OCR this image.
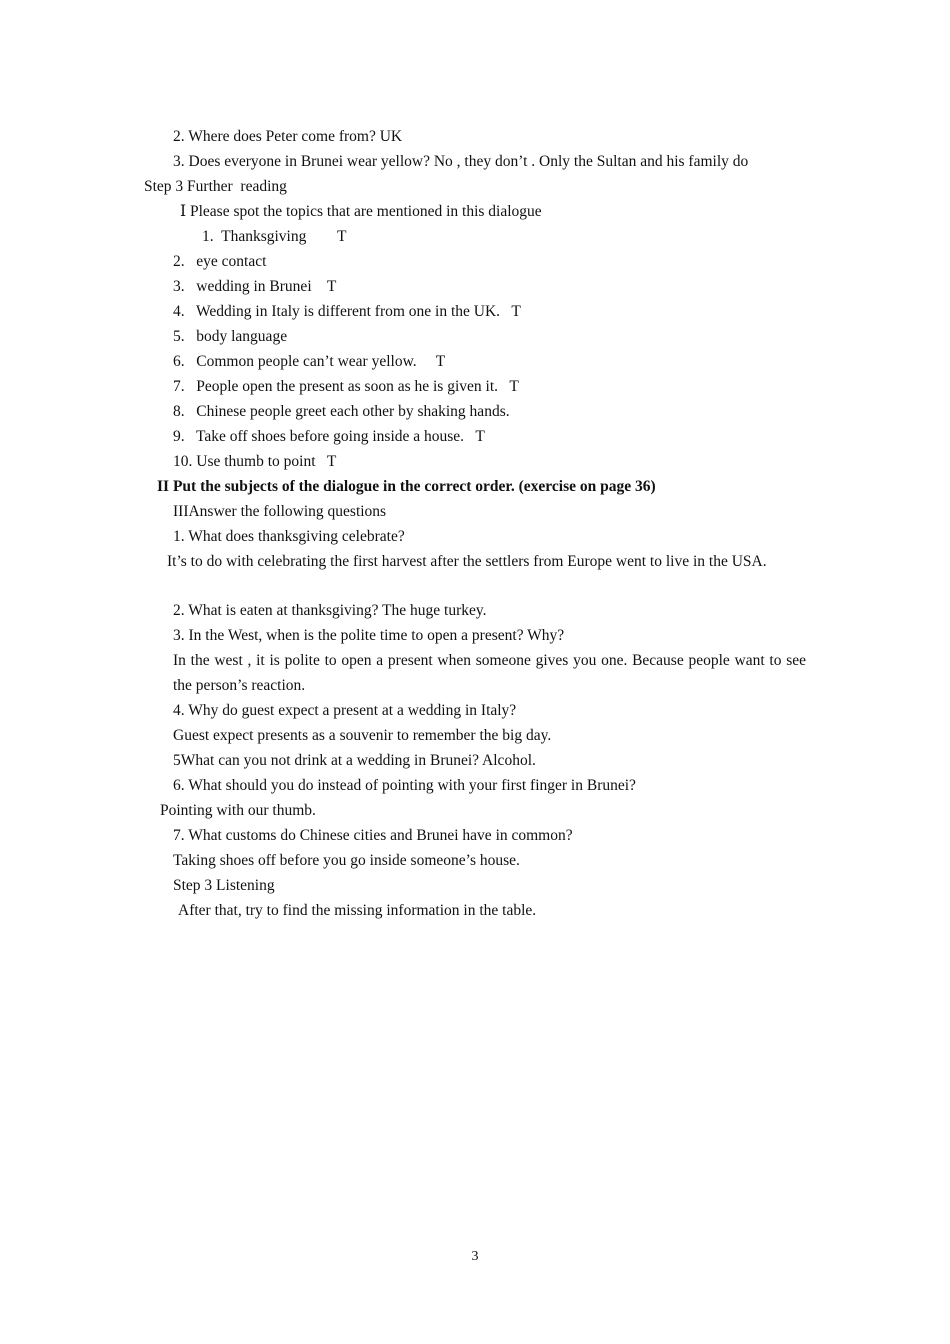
2. Where does Peter come from? UK
3. Does everyone in Brunei wear yellow? No , they don’t . Only the Sultan and his family do
Step 3 Further  reading
Ⅰ Please spot the topics that are mentioned in this dialogue
1.  Thanksgiving        T
2.   eye contact
3.   wedding in Brunei    T
4.   Wedding in Italy is different from one in the UK.   T
5.   body language
6.   Common people can’t wear yellow.     T
7.   People open the present as soon as he is given it.   T
8.   Chinese people greet each other by shaking hands.
9.   Take off shoes before going inside a house.   T
10. Use thumb to point   T
II Put the subjects of the dialogue in the correct order. (exercise on page 36)
IIIAnswer the following questions
1. What does thanksgiving celebrate?
It’s to do with celebrating the first harvest after the settlers from Europe went to live in the USA.
2. What is eaten at thanksgiving? The huge turkey.
3. In the West, when is the polite time to open a present? Why?
In the west , it is polite to open a present when someone gives you one. Because people want to see the person’s reaction.
4. Why do guest expect a present at a wedding in Italy?
Guest expect presents as a souvenir to remember the big day.
5What can you not drink at a wedding in Brunei? Alcohol.
6. What should you do instead of pointing with your first finger in Brunei?
Pointing with our thumb.
7. What customs do Chinese cities and Brunei have in common?
Taking shoes off before you go inside someone’s house.
Step 3 Listening
After that, try to find the missing information in the table.
3
